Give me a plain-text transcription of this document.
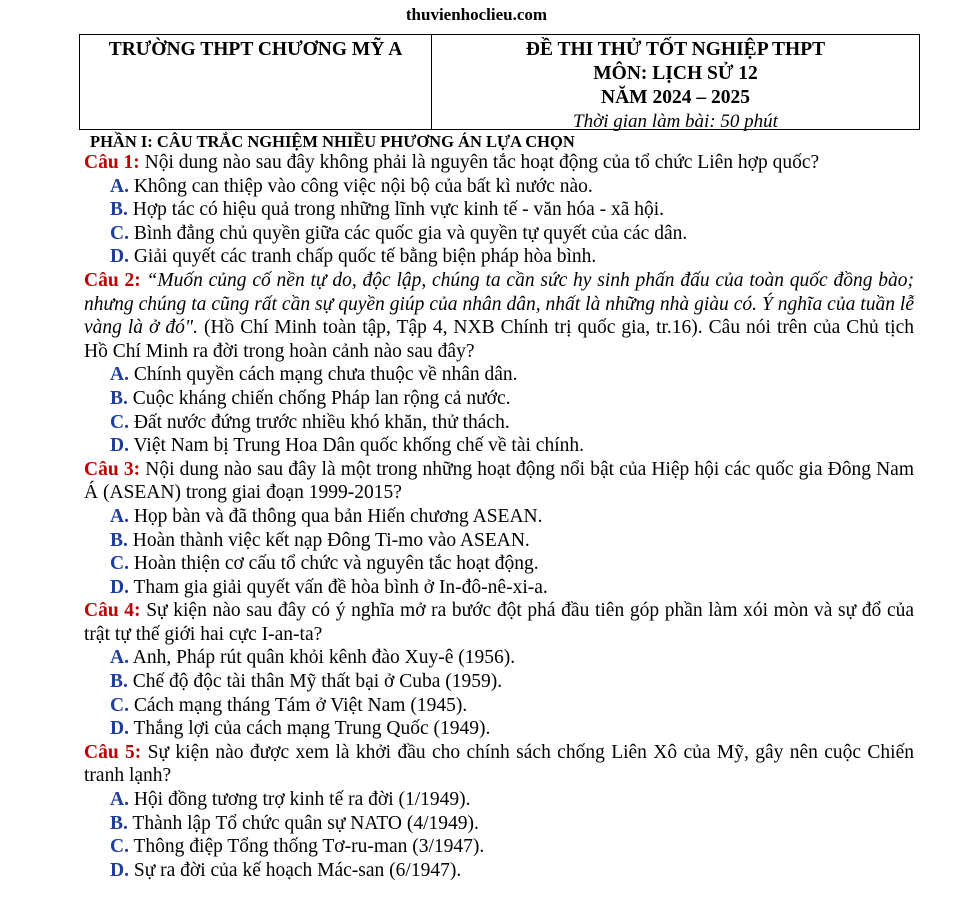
thuvienhoclieu.com
TRƯỜNG THPT CHƯƠNG MỸ A	ĐỀ THI THỬ TỐT NGHIỆP THPT
MÔN: LỊCH SỬ 12
NĂM 2024 – 2025
Thời gian làm bài: 50 phút
PHẦN I: CÂU TRẮC NGHIỆM NHIỀU PHƯƠNG ÁN LỰA CHỌN

Câu 1: Nội dung nào sau đây không phải là nguyên tắc hoạt động của tổ chức Liên hợp quốc?

A. Không can thiệp vào công việc nội bộ của bất kì nước nào.

B. Hợp tác có hiệu quả trong những lĩnh vực kinh tế - văn hóa - xã hội.

C. Bình đẳng chủ quyền giữa các quốc gia và quyền tự quyết của các dân.

D. Giải quyết các tranh chấp quốc tế bằng biện pháp hòa bình.

Câu 2: “Muốn củng cố nền tự do, độc lập, chúng ta cần sức hy sinh phấn đấu của toàn quốc đồng bào; nhưng chúng ta cũng rất cần sự quyền giúp của nhân dân, nhất là những nhà giàu có. Ý nghĩa của tuần lễ vàng là ở đó". (Hồ Chí Minh toàn tập, Tập 4, NXB Chính trị quốc gia, tr.16). Câu nói trên của Chủ tịch Hồ Chí Minh ra đời trong hoàn cảnh nào sau đây?

A. Chính quyền cách mạng chưa thuộc về nhân dân.

B. Cuộc kháng chiến chống Pháp lan rộng cả nước.

C. Đất nước đứng trước nhiều khó khăn, thử thách.

D. Việt Nam bị Trung Hoa Dân quốc khống chế về tài chính.

Câu 3: Nội dung nào sau đây là một trong những hoạt động nổi bật của Hiệp hội các quốc gia Đông Nam Á (ASEAN) trong giai đoạn 1999-2015?

A. Họp bàn và đã thông qua bản Hiến chương ASEAN.

B. Hoàn thành việc kết nạp Đông Ti-mo vào ASEAN.

C. Hoàn thiện cơ cấu tổ chức và nguyên tắc hoạt động.

D. Tham gia giải quyết vấn đề hòa bình ở In-đô-nê-xi-a.

Câu 4: Sự kiện nào sau đây có ý nghĩa mở ra bước đột phá đầu tiên góp phần làm xói mòn và sự đổ của trật tự thế giới hai cực I-an-ta?

A. Anh, Pháp rút quân khỏi kênh đào Xuy-ê (1956).

B. Chế độ độc tài thân Mỹ thất bại ở Cuba (1959).

C. Cách mạng tháng Tám ở Việt Nam (1945).

D. Thắng lợi của cách mạng Trung Quốc (1949).

Câu 5: Sự kiện nào được xem là khởi đầu cho chính sách chống Liên Xô của Mỹ, gây nên cuộc Chiến tranh lạnh?

A. Hội đồng tương trợ kinh tế ra đời (1/1949).

B. Thành lập Tổ chức quân sự NATO (4/1949).

C. Thông điệp Tổng thống Tơ-ru-man (3/1947).

D. Sự ra đời của kế hoạch Mác-san (6/1947).
